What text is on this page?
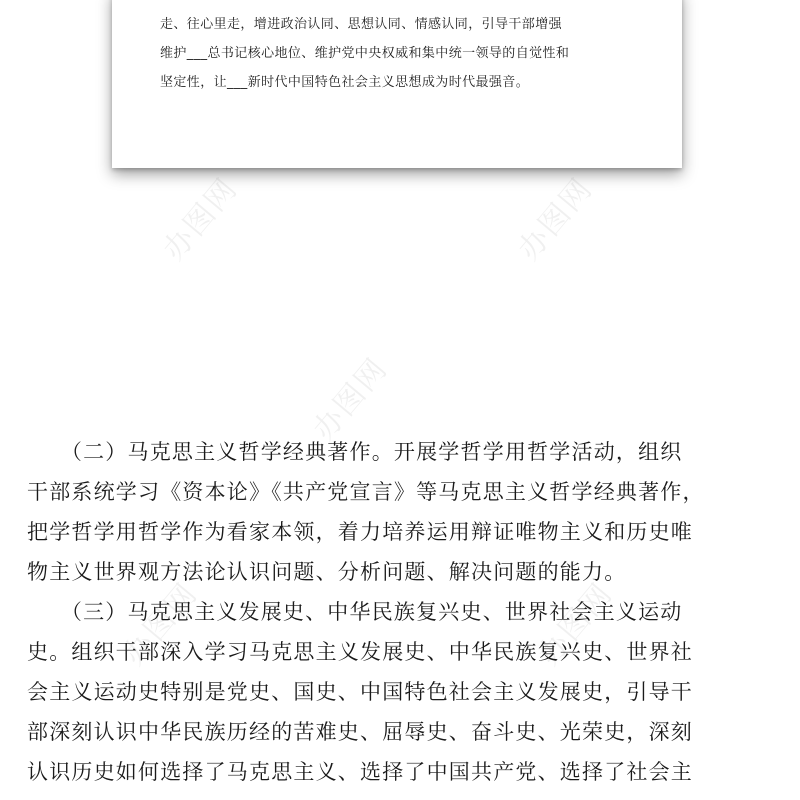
走、往心里走，增进政治认同、思想认同、情感认同，引导干部增强
维护___总书记核心地位、维护党中央权威和集中统一领导的自觉性和
坚定性，让___新时代中国特色社会主义思想成为时代最强音。
办图网	办图网
办图网
办图网	办图网
　　（二）马克思主义哲学经典著作。开展学哲学用哲学活动，组织
干部系统学习《资本论》《共产党宣言》等马克思主义哲学经典著作，
把学哲学用哲学作为看家本领，着力培养运用辩证唯物主义和历史唯
物主义世界观方法论认识问题、分析问题、解决问题的能力。
　　（三）马克思主义发展史、中华民族复兴史、世界社会主义运动
史。组织干部深入学习马克思主义发展史、中华民族复兴史、世界社
会主义运动史特别是党史、国史、中国特色社会主义发展史，引导干
部深刻认识中华民族历经的苦难史、屈辱史、奋斗史、光荣史，深刻
认识历史如何选择了马克思主义、选择了中国共产党、选择了社会主
